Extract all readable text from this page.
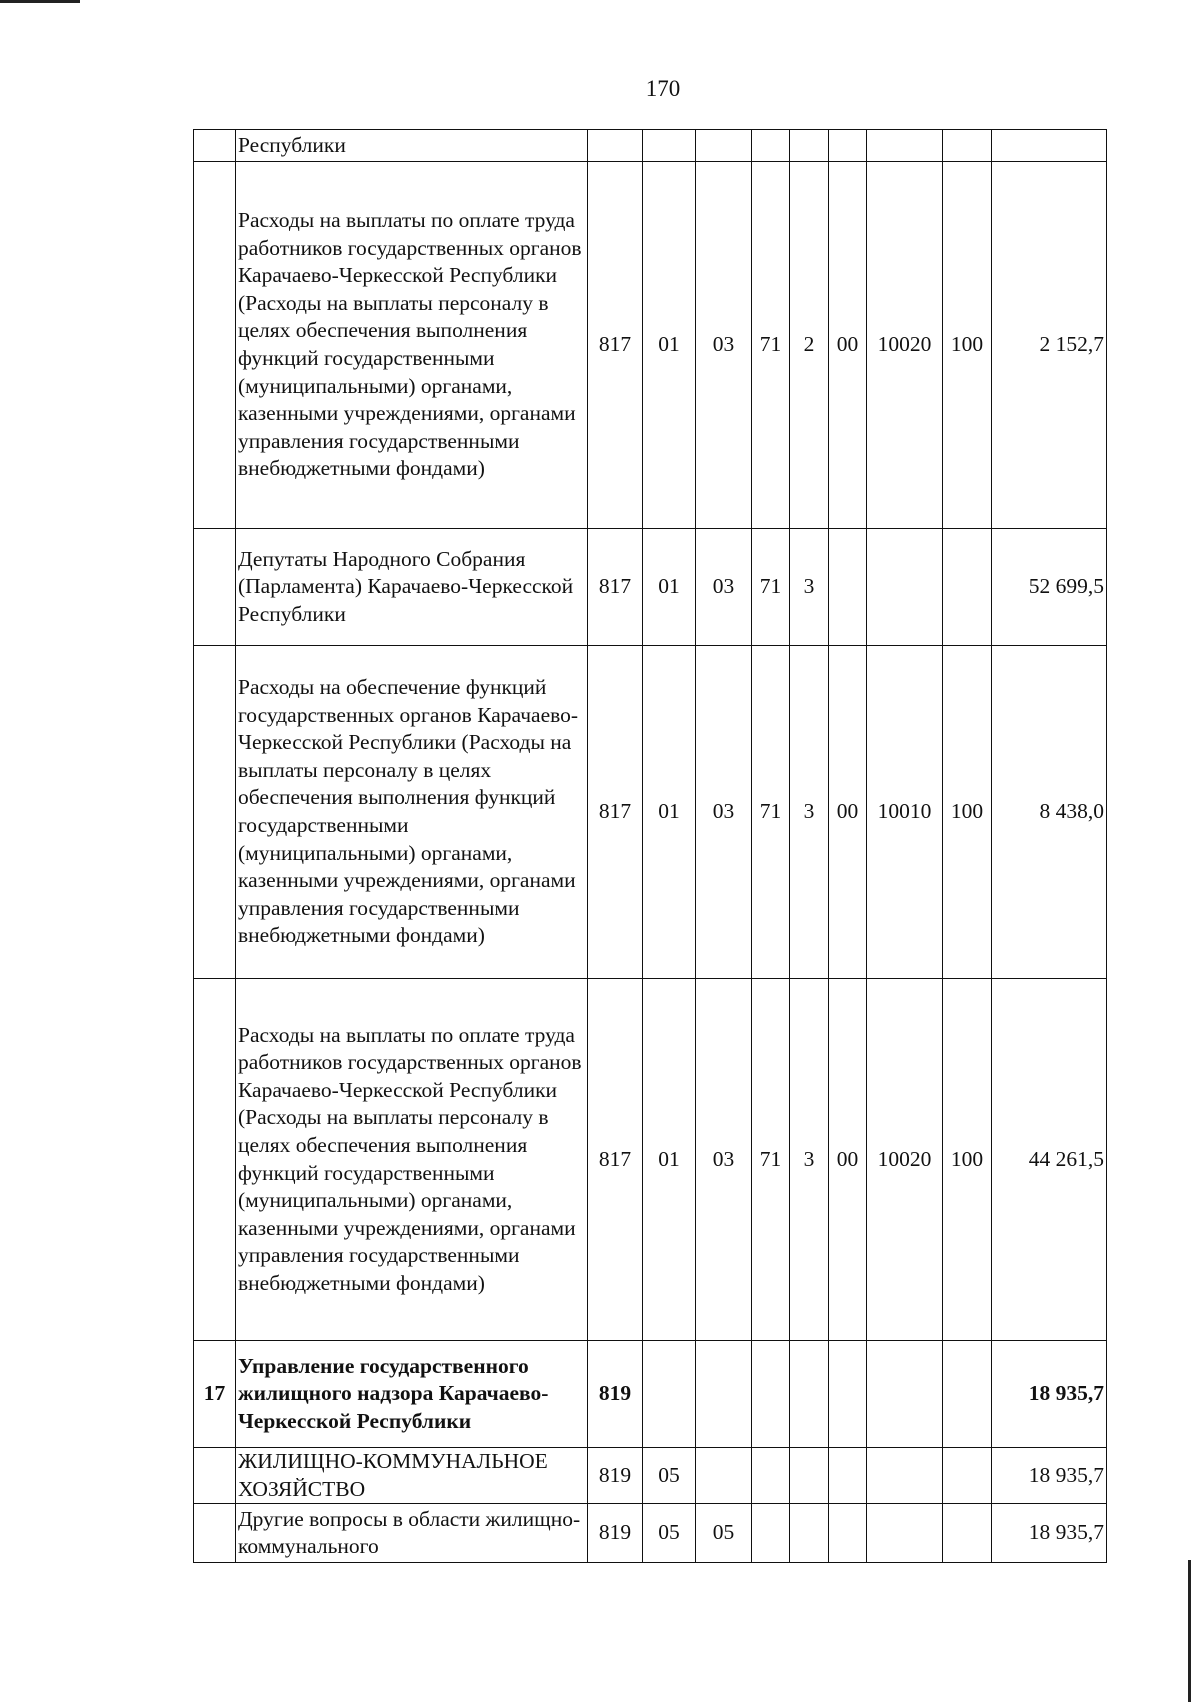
170
	Республики									
	Расходы на выплаты по оплате труда работников государственных органов Карачаево-Черкесской Республики (Расходы на выплаты персоналу в целях обеспечения выполнения функций государственными (муниципальными) органами, казенными учреждениями, органами управления государственными внебюджетными фондами)	817	01	03	71	2	00	10020	100	2 152,7
	Депутаты Народного Собрания (Парламента) Карачаево-Черкесской Республики	817	01	03	71	3				52 699,5
	Расходы на обеспечение функций государственных органов Карачаево-Черкесской Республики (Расходы на выплаты персоналу в целях обеспечения выполнения функций государственными (муниципальными) органами, казенными учреждениями, органами управления государственными внебюджетными фондами)	817	01	03	71	3	00	10010	100	8 438,0
	Расходы на выплаты по оплате труда работников государственных органов Карачаево-Черкесской Республики (Расходы на выплаты персоналу в целях обеспечения выполнения функций государственными (муниципальными) органами, казенными учреждениями, органами управления государственными внебюджетными фондами)	817	01	03	71	3	00	10020	100	44 261,5
17	Управление государственного жилищного надзора Карачаево-Черкесской Республики	819								18 935,7
	ЖИЛИЩНО-КОММУНАЛЬНОЕ ХОЗЯЙСТВО	819	05							18 935,7
	Другие вопросы в области жилищно-коммунального	819	05	05						18 935,7
